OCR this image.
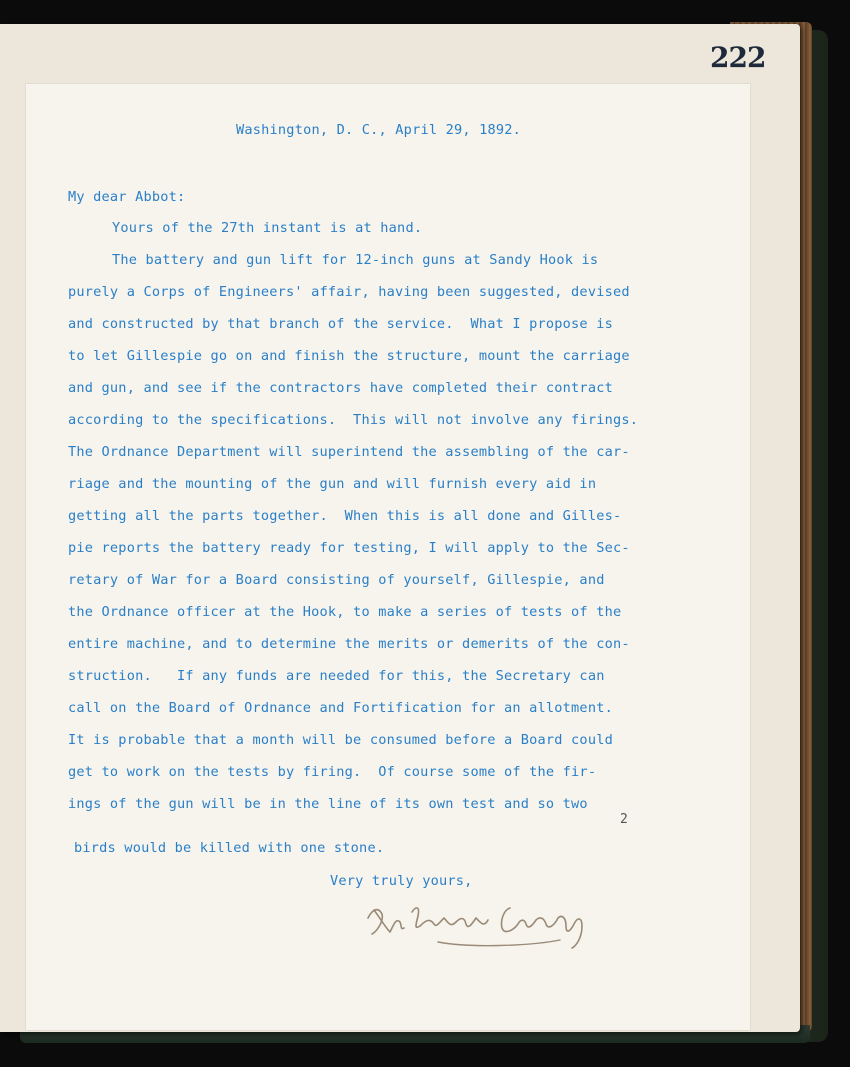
222
Washington, D. C., April 29, 1892.
My dear Abbot:
Yours of the 27th instant is at hand.
The battery and gun lift for 12-inch guns at Sandy Hook is
purely a Corps of Engineers' affair, having been suggested, devised
and constructed by that branch of the service.  What I propose is
to let Gillespie go on and finish the structure, mount the carriage
and gun, and see if the contractors have completed their contract
according to the specifications.  This will not involve any firings.
The Ordnance Department will superintend the assembling of the car-
riage and the mounting of the gun and will furnish every aid in
getting all the parts together.  When this is all done and Gilles-
pie reports the battery ready for testing, I will apply to the Sec-
retary of War for a Board consisting of yourself, Gillespie, and
the Ordnance officer at the Hook, to make a series of tests of the
entire machine, and to determine the merits or demerits of the con-
struction.   If any funds are needed for this, the Secretary can
call on the Board of Ordnance and Fortification for an allotment.
It is probable that a month will be consumed before a Board could
get to work on the tests by firing.  Of course some of the fir-
ings of the gun will be in the line of its own test and so two
birds would be killed with one stone.
2
Very truly yours,
